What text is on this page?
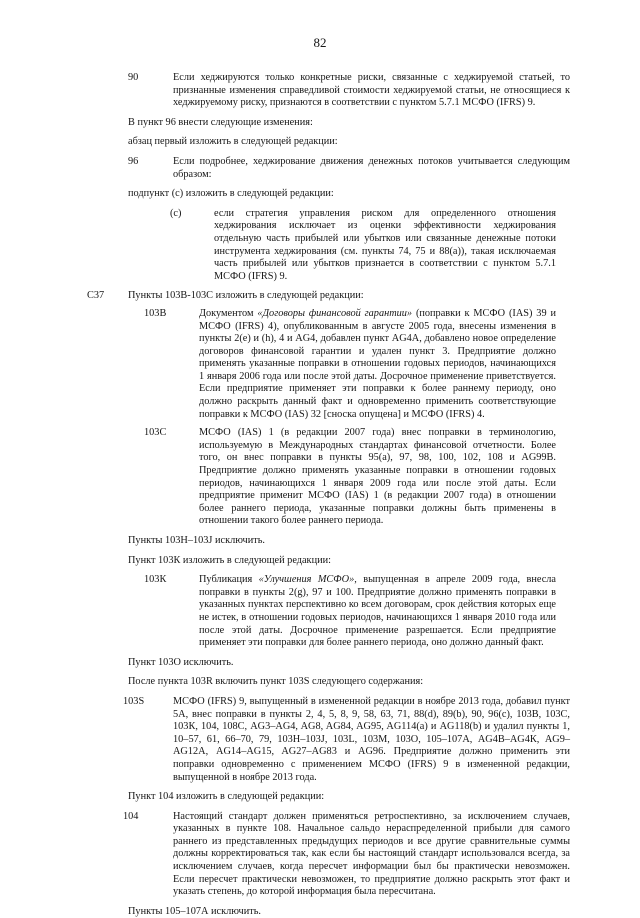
82
90	Если хеджируются только конкретные риски, связанные с хеджируемой статьей, то признанные изменения справедливой стоимости хеджируемой статьи, не относящиеся к хеджируемому риску, признаются в соответствии с пунктом 5.7.1 МСФО (IFRS) 9.
В пункт 96 внести следующие изменения:
абзац первый изложить в следующей редакции:
96	Если подробнее, хеджирование движения денежных потоков учитывается следующим образом:
подпункт (c) изложить в следующей редакции:
(c)	если стратегия управления риском для определенного отношения хеджирования исключает из оценки эффективности хеджирования отдельную часть прибылей или убытков или связанные денежные потоки инструмента хеджирования (см. пункты 74, 75 и 88(а)), такая исключаемая часть прибылей или убытков признается в соответствии с пунктом 5.7.1 МСФО (IFRS) 9.
C37 Пункты 103В-103С изложить в следующей редакции:
103В	Документом «Договоры финансовой гарантии» (поправки к МСФО (IAS) 39 и МСФО (IFRS) 4), опубликованным в августе 2005 года, внесены изменения в пункты 2(е) и (h), 4 и AG4, добавлен пункт AG4A, добавлено новое определение договоров финансовой гарантии и удален пункт 3. Предприятие должно применять указанные поправки в отношении годовых периодов, начинающихся 1 января 2006 года или после этой даты. Досрочное применение приветствуется. Если предприятие применяет эти поправки к более раннему периоду, оно должно раскрыть данный факт и одновременно применить соответствующие поправки к МСФО (IAS) 32 [сноска опущена] и МСФО (IFRS) 4.
103С	МСФО (IAS) 1 (в редакции 2007 года) внес поправки в терминологию, используемую в Международных стандартах финансовой отчетности. Более того, он внес поправки в пункты 95(а), 97, 98, 100, 102, 108 и AG99B. Предприятие должно применять указанные поправки в отношении годовых периодов, начинающихся 1 января 2009 года или после этой даты. Если предприятие применит МСФО (IAS) 1 (в редакции 2007 года) в отношении более раннего периода, указанные поправки должны быть применены в отношении такого более раннего периода.
Пункты 103Н–103J исключить.
Пункт 103К изложить в следующей редакции:
103К	Публикация «Улучшения МСФО», выпущенная в апреле 2009 года, внесла поправки в пункты 2(g), 97 и 100. Предприятие должно применять поправки в указанных пунктах перспективно ко всем договорам, срок действия которых еще не истек, в отношении годовых периодов, начинающихся 1 января 2010 года или после этой даты. Досрочное применение разрешается. Если предприятие применяет эти поправки для более раннего периода, оно должно данный факт.
Пункт 103О исключить.
После пункта 103R включить пункт 103S следующего содержания:
103S	МСФО (IFRS) 9, выпущенный в измененной редакции в ноябре 2013 года, добавил пункт 5А, внес поправки в пункты 2, 4, 5, 8, 9, 58, 63, 71, 88(d), 89(b), 90, 96(c), 103В, 103С, 103К, 104, 108С, AG3–AG4, AG8, AG84, AG95, AG114(a) и AG118(b) и удалил пункты 1, 10–57, 61, 66–70, 79, 103Н–103J, 103L, 103М, 103О, 105–107А, AG4В–AG4К, AG9–AG12А, AG14–AG15, AG27–AG83 и AG96. Предприятие должно применить эти поправки одновременно с применением МСФО (IFRS) 9 в измененной редакции, выпущенной в ноябре 2013 года.
Пункт 104 изложить в следующей редакции:
104	Настоящий стандарт должен применяться ретроспективно, за исключением случаев, указанных в пункте 108. Начальное сальдо нераспределенной прибыли для самого раннего из представленных предыдущих периодов и все другие сравнительные суммы должны корректироваться так, как если бы настоящий стандарт использовался всегда, за исключением случаев, когда пересчет информации был бы практически невозможен. Если пересчет практически невозможен, то предприятие должно раскрыть этот факт и указать степень, до которой информация была пересчитана.
Пункты 105–107А исключить.
